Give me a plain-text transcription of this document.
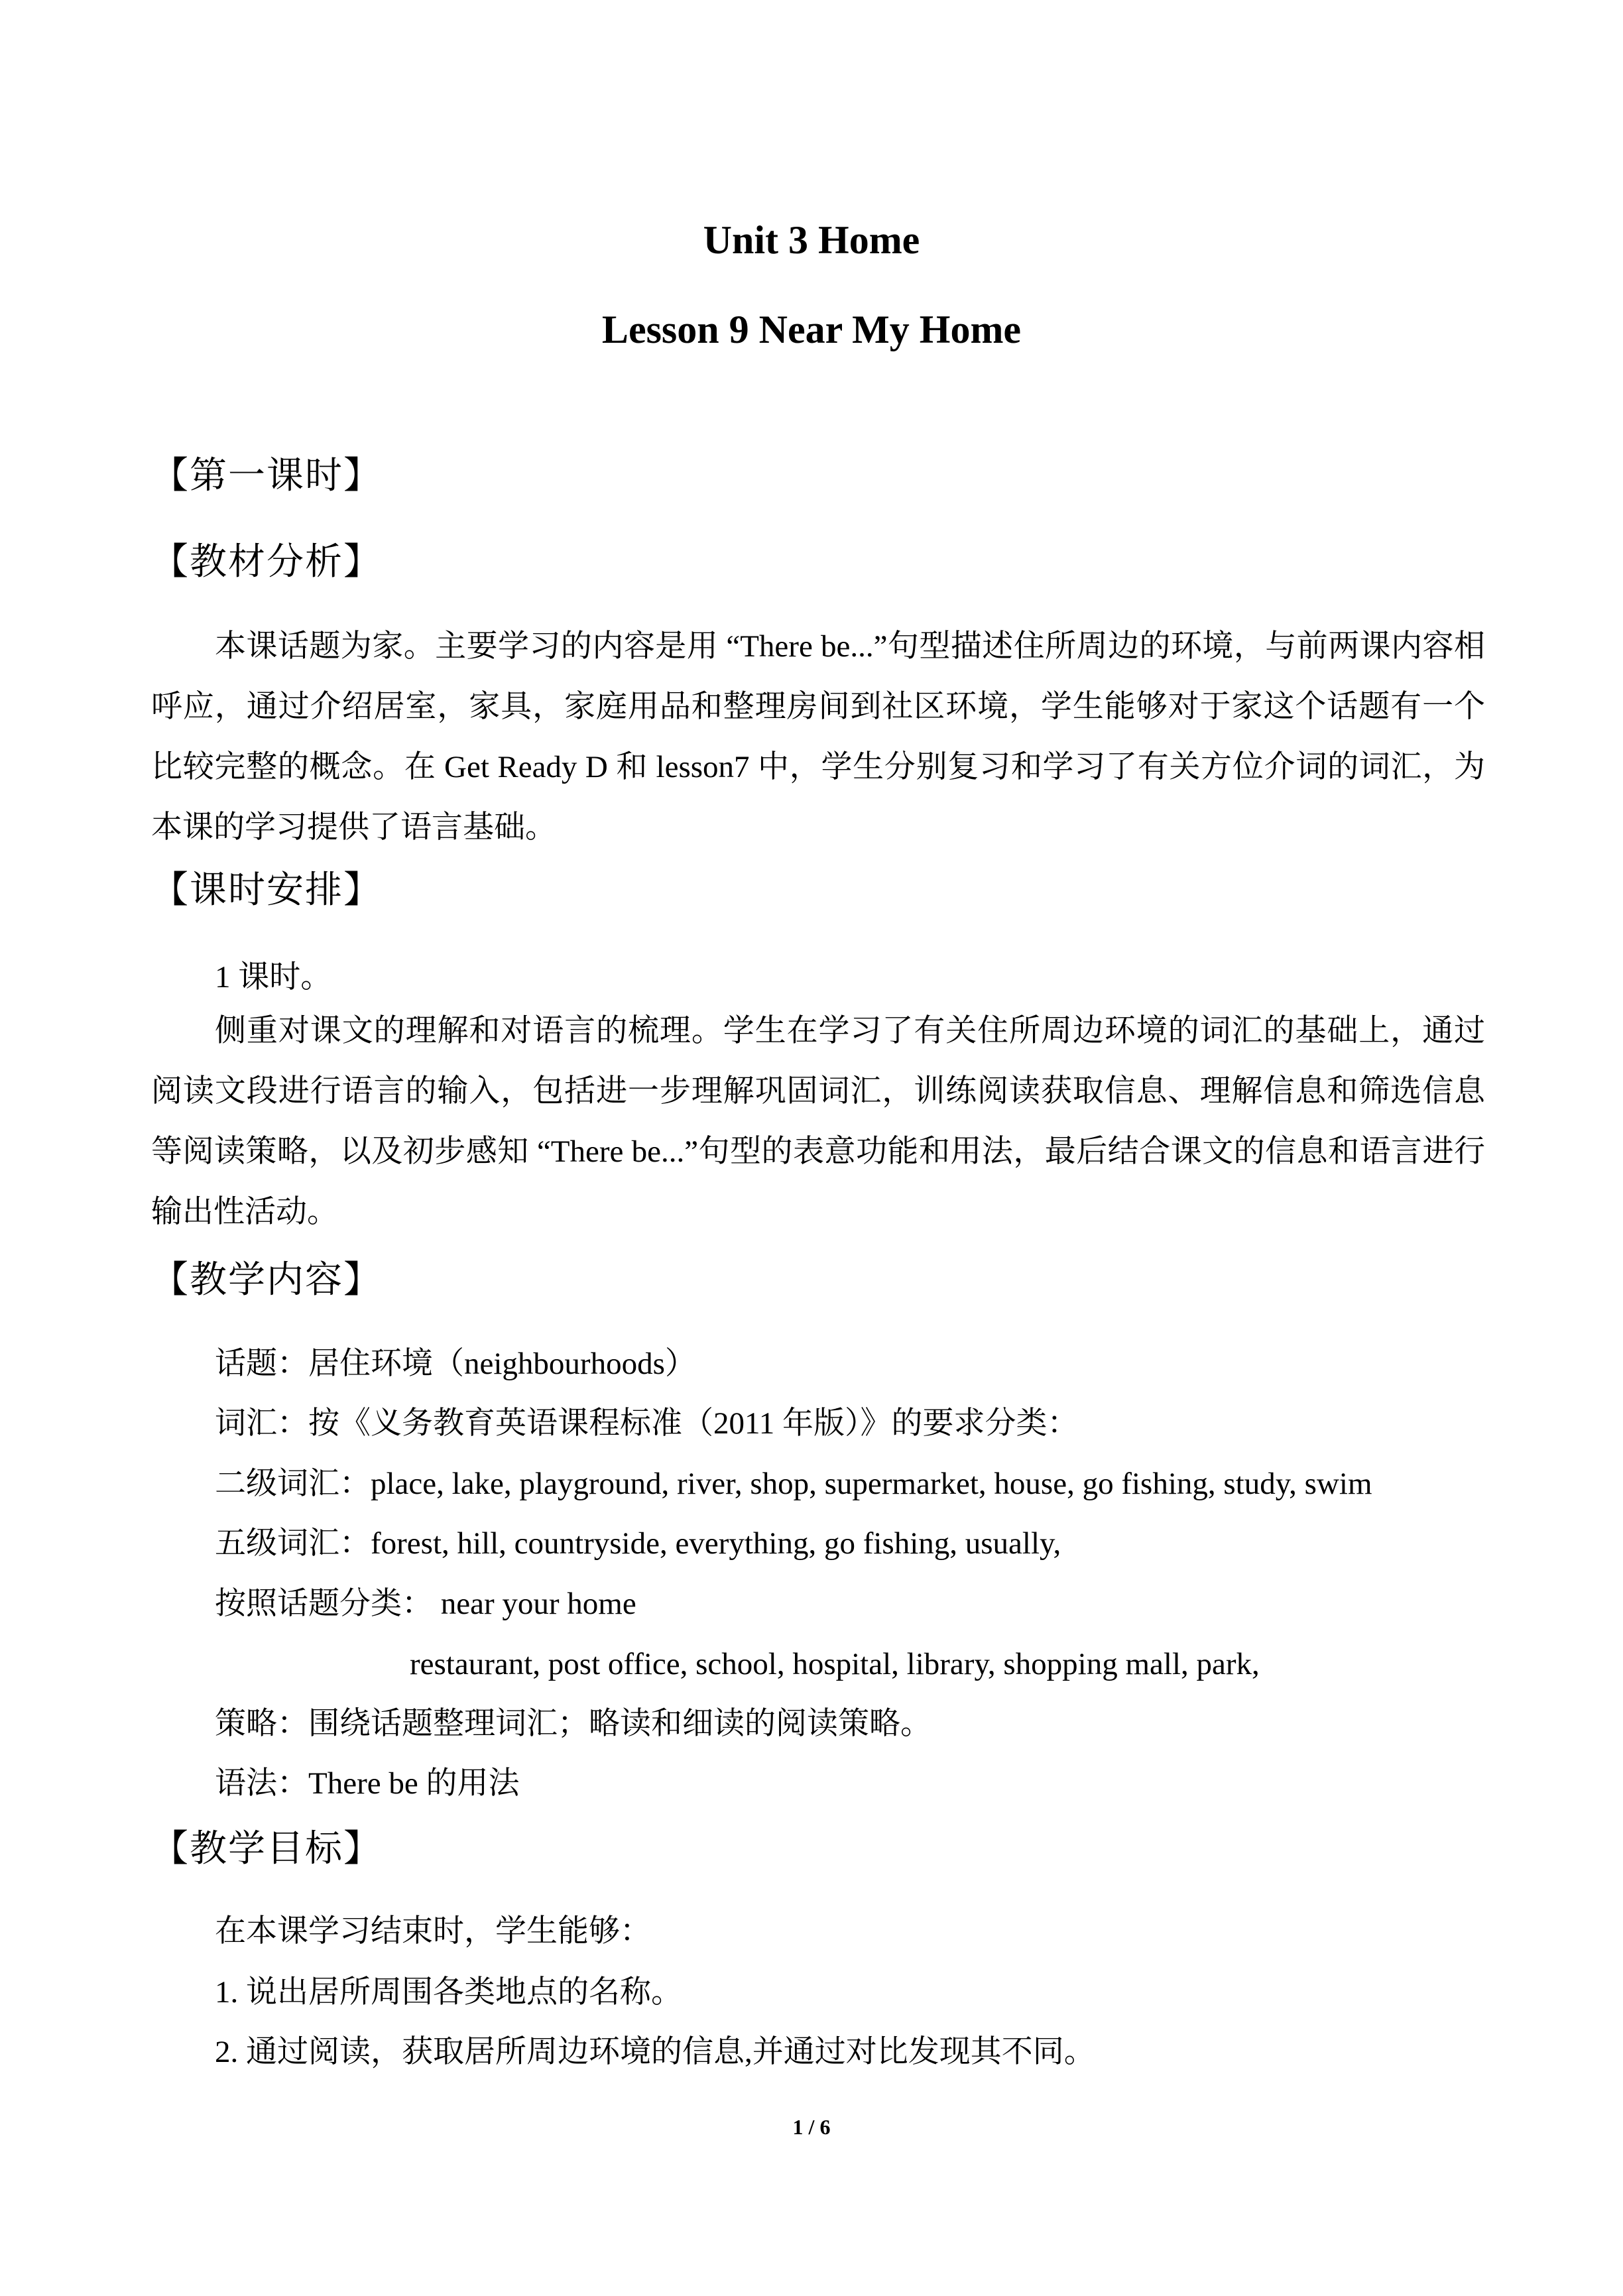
Unit 3 Home
Lesson 9 Near My Home
【第一课时】
【教材分析】
本课话题为家。主要学习的内容是用 “There be...”句型描述住所周边的环境，与前两课内容相呼应，通过介绍居室，家具，家庭用品和整理房间到社区环境，学生能够对于家这个话题有一个比较完整的概念。在 Get Ready D 和 lesson7 中，学生分别复习和学习了有关方位介词的词汇，为本课的学习提供了语言基础。
【课时安排】
1 课时。
侧重对课文的理解和对语言的梳理。学生在学习了有关住所周边环境的词汇的基础上，通过阅读文段进行语言的输入，包括进一步理解巩固词汇，训练阅读获取信息、理解信息和筛选信息等阅读策略，以及初步感知 “There be...”句型的表意功能和用法，最后结合课文的信息和语言进行输出性活动。
【教学内容】
话题：居住环境（neighbourhoods）
词汇：按《义务教育英语课程标准（2011 年版）》的要求分类：
二级词汇：place, lake, playground, river, shop, supermarket, house, go fishing, study, swim
五级词汇：forest, hill, countryside, everything, go fishing, usually,
按照话题分类： near your home
restaurant, post office, school, hospital, library, shopping mall, park,
策略：围绕话题整理词汇；略读和细读的阅读策略。
语法：There be 的用法
【教学目标】
在本课学习结束时，学生能够：
1. 说出居所周围各类地点的名称。
2. 通过阅读，获取居所周边环境的信息,并通过对比发现其不同。
1 / 6
